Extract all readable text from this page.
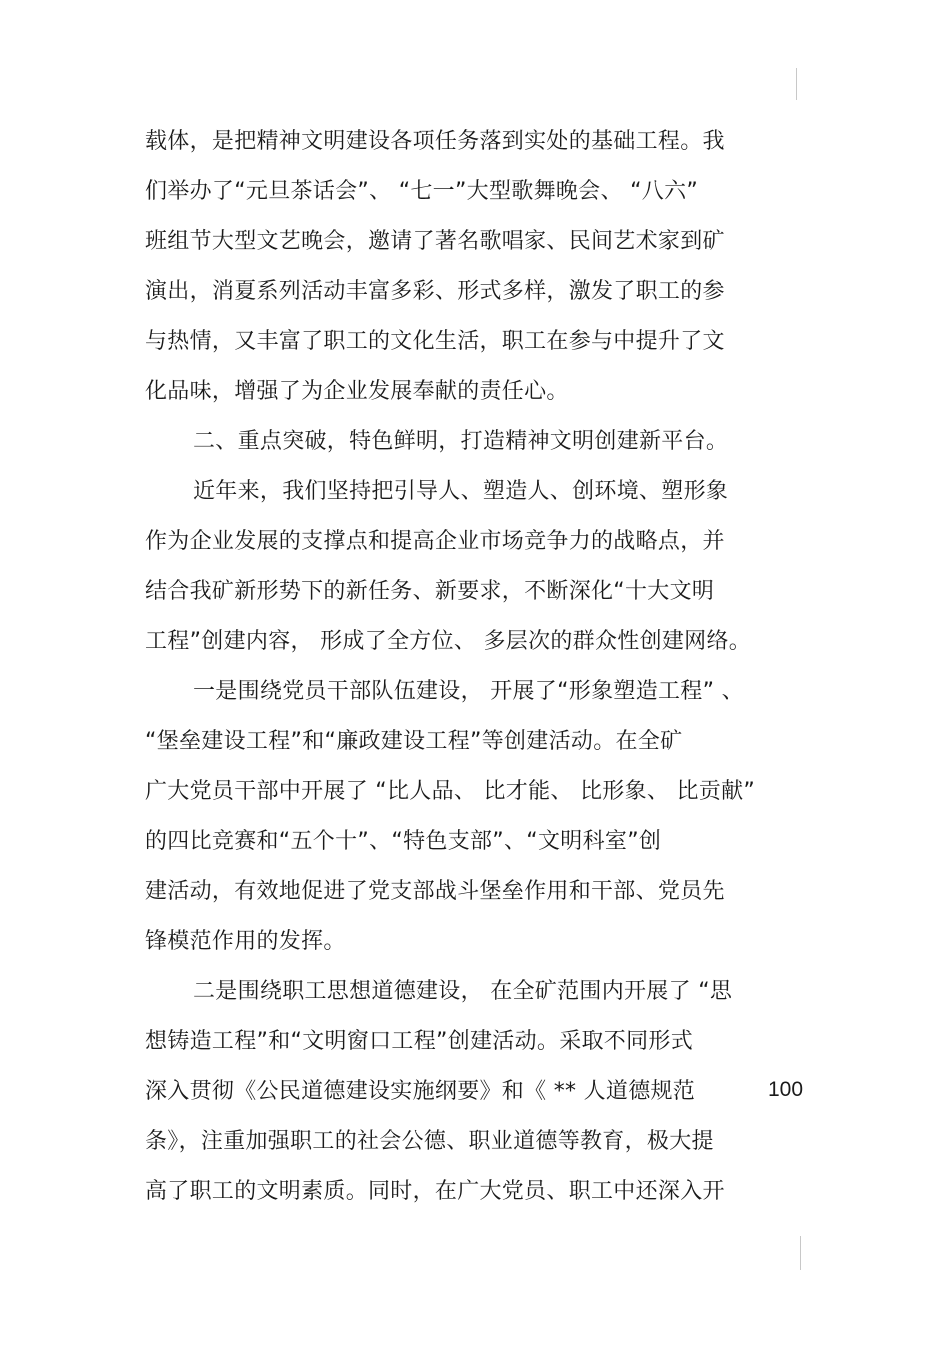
载体，是把精神文明建设各项任务落到实处的基础工程。我
们举办了“元旦茶话会”、 “七一”大型歌舞晚会、 “八六”
班组节大型文艺晚会，邀请了著名歌唱家、民间艺术家到矿
演出，消夏系列活动丰富多彩、形式多样，激发了职工的参
与热情，又丰富了职工的文化生活，职工在参与中提升了文
化品味，增强了为企业发展奉献的责任心。
二、重点突破，特色鲜明，打造精神文明创建新平台。
近年来，我们坚持把引导人、塑造人、创环境、塑形象
作为企业发展的支撑点和提高企业市场竞争力的战略点，并
结合我矿新形势下的新任务、新要求，不断深化“十大文明
工程”创建内容， 形成了全方位、 多层次的群众性创建网络。
一是围绕党员干部队伍建设， 开展了“形象塑造工程” 、
“堡垒建设工程”和“廉政建设工程”等创建活动。在全矿
广大党员干部中开展了 “比人品、 比才能、 比形象、 比贡献”
的四比竞赛和“五个十”、“特色支部”、“文明科室”创
建活动，有效地促进了党支部战斗堡垒作用和干部、党员先
锋模范作用的发挥。
二是围绕职工思想道德建设， 在全矿范围内开展了 “思
想铸造工程”和“文明窗口工程”创建活动。采取不同形式
深入贯彻《公民道德建设实施纲要》和《 ** 人道德规范
条》，注重加强职工的社会公德、职业道德等教育，极大提
高了职工的文明素质。同时，在广大党员、职工中还深入开
100
